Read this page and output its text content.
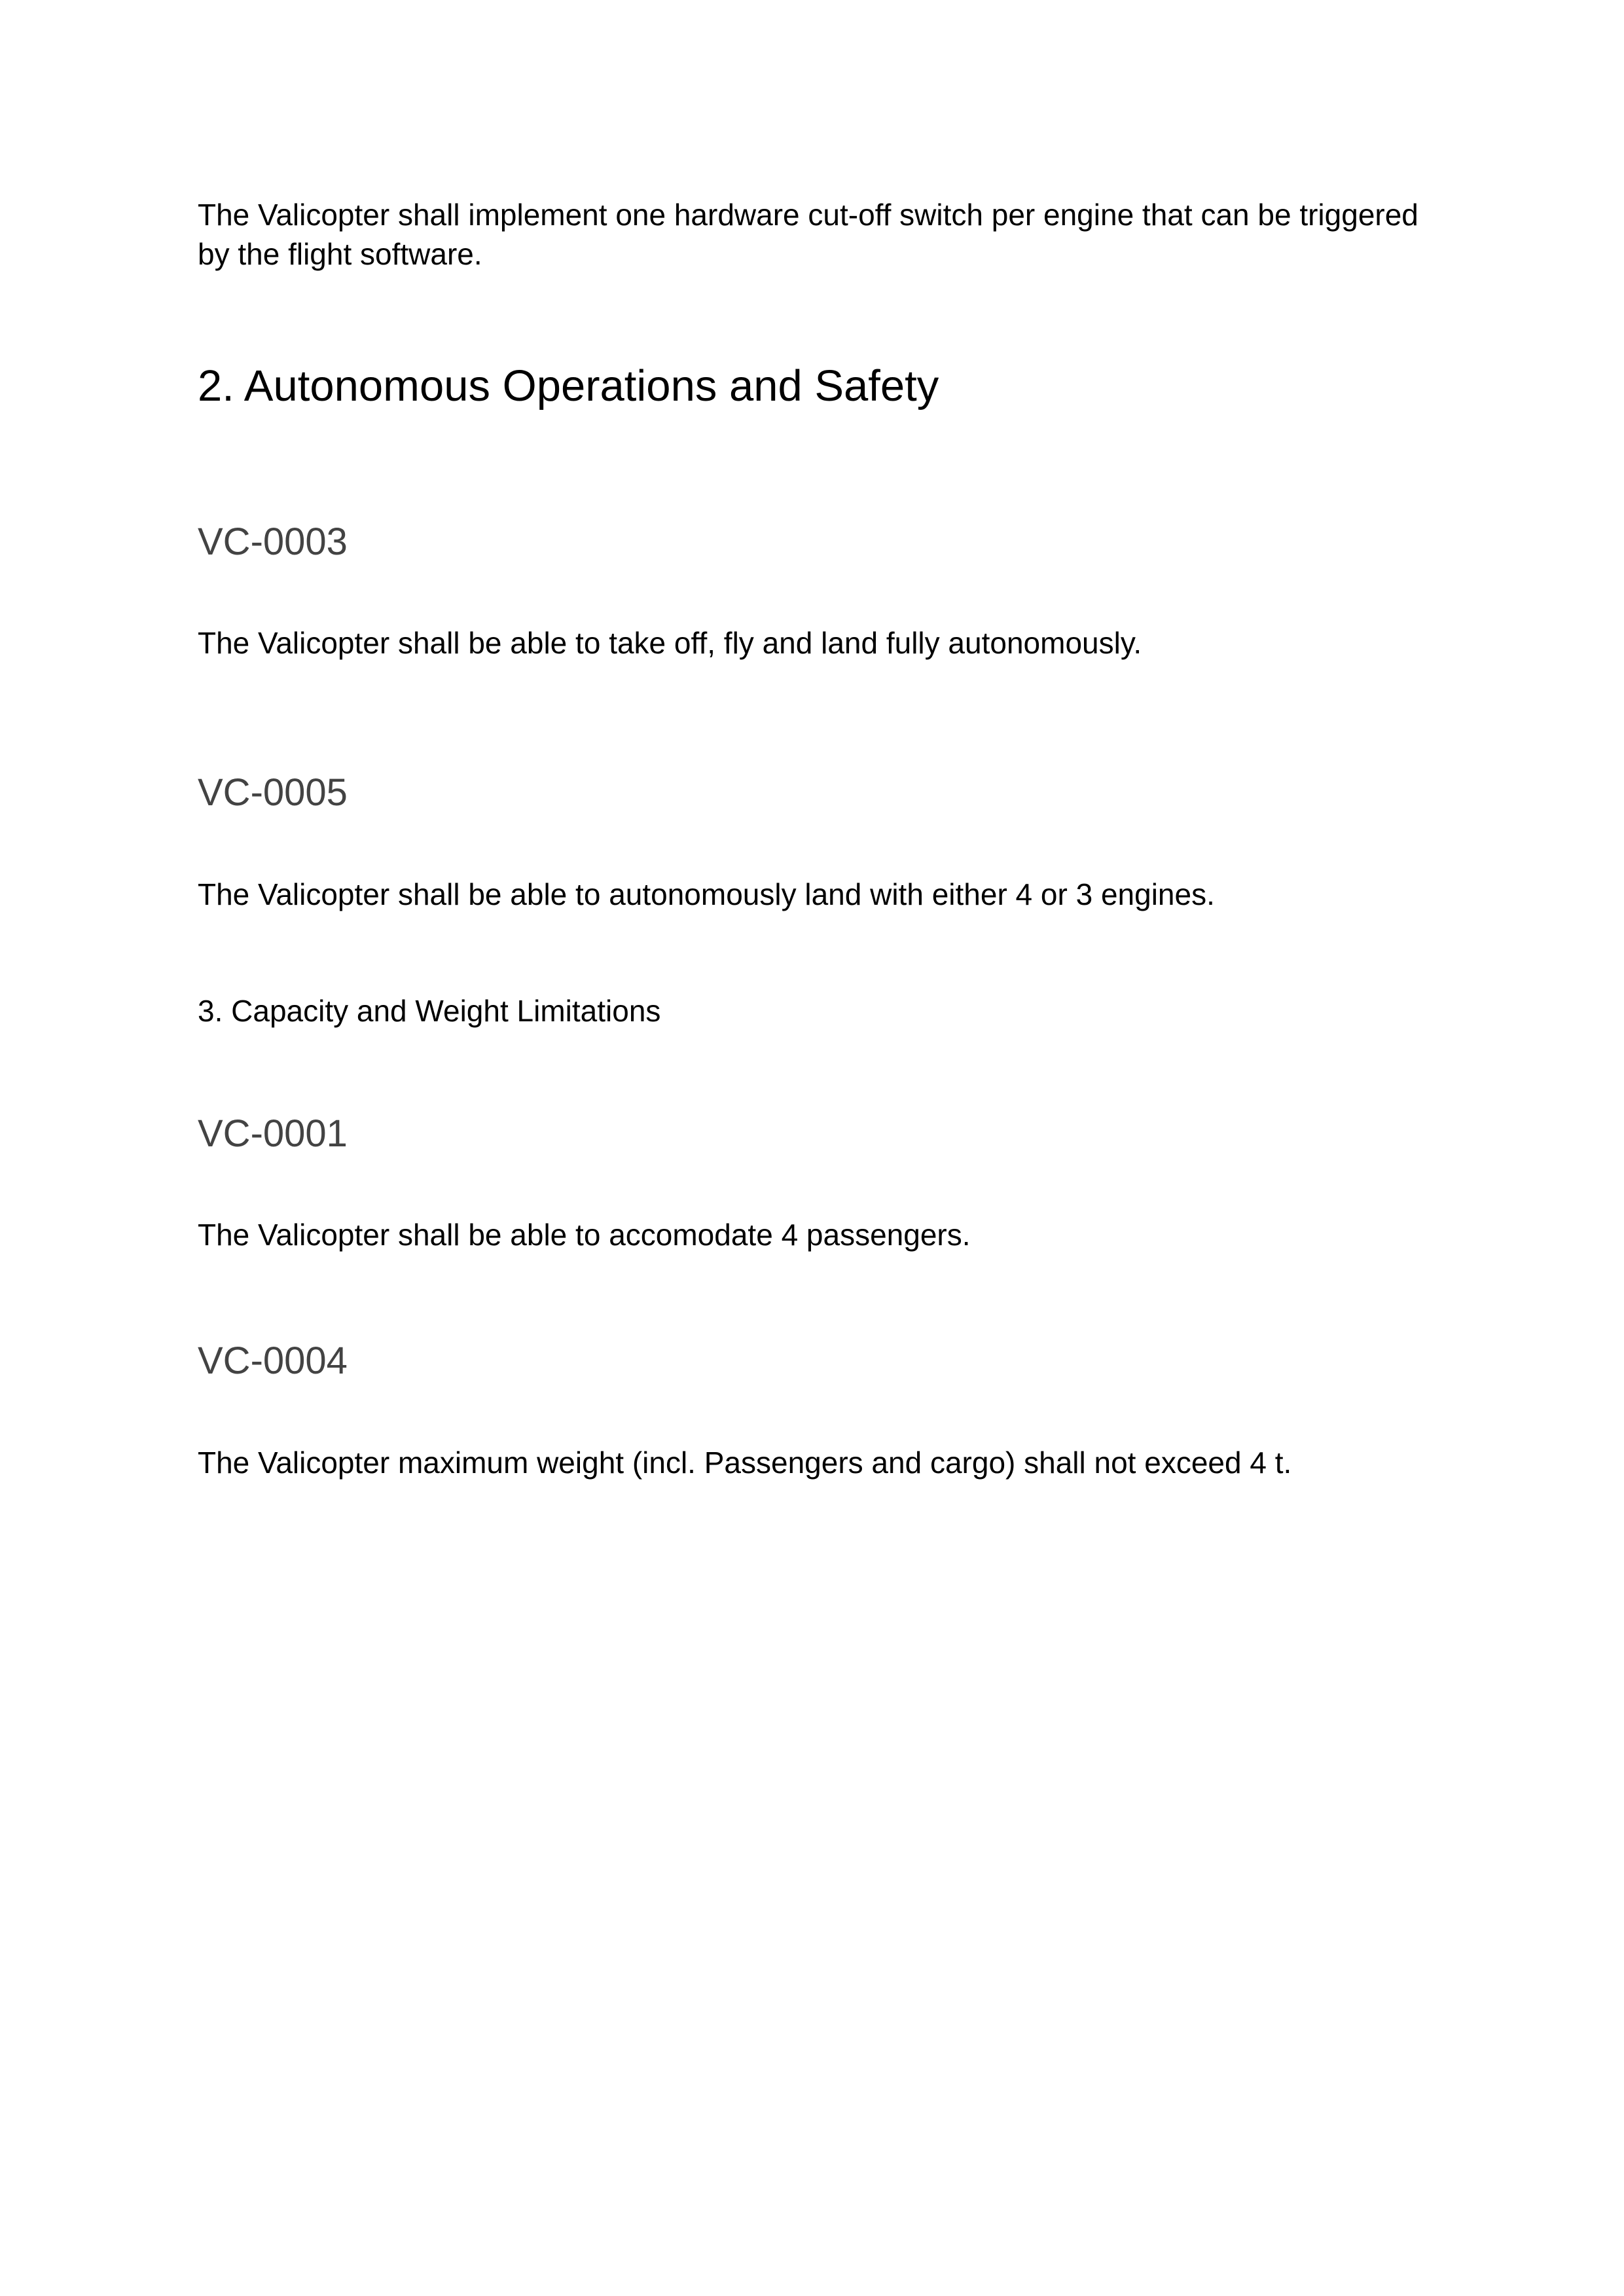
The Valicopter shall implement one hardware cut-off switch per engine that can be triggered by the flight software.

2. Autonomous Operations and Safety
VC-0003

The Valicopter shall be able to take off, fly and land fully autonomously.

VC-0005

The Valicopter shall be able to autonomously land with either 4 or 3 engines.

3. Capacity and Weight Limitations

VC-0001

The Valicopter shall be able to accomodate 4 passengers.

VC-0004

The Valicopter maximum weight (incl. Passengers and cargo) shall not exceed 4 t.
